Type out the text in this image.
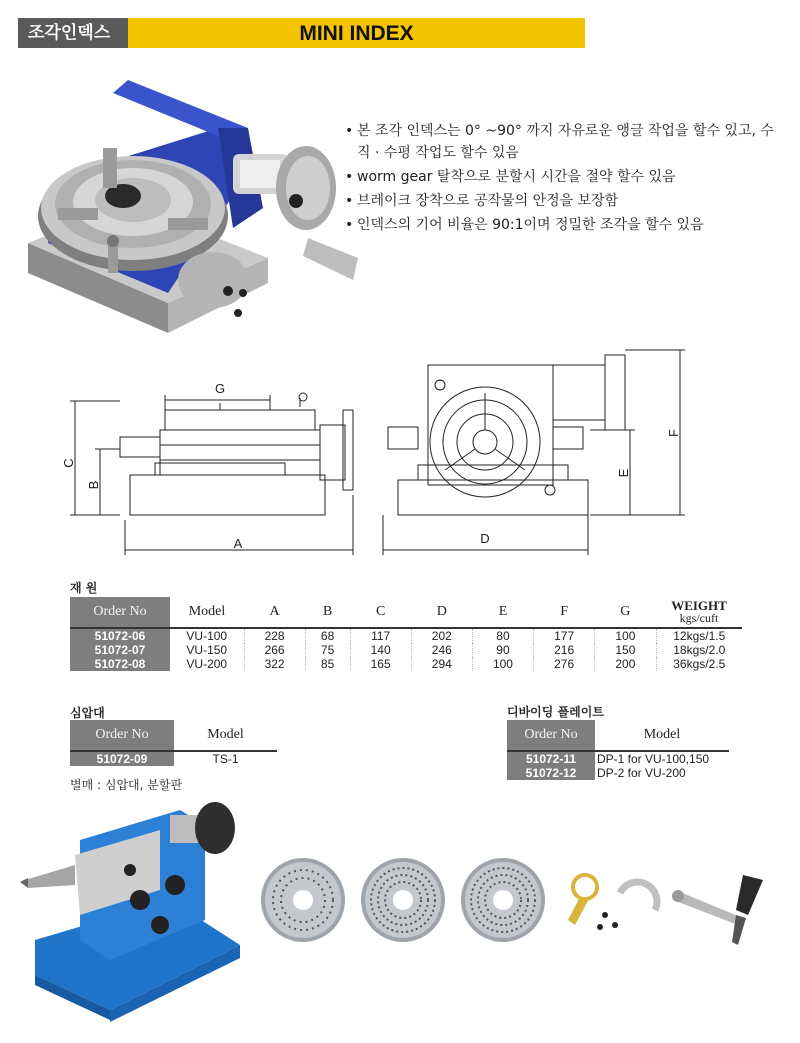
조각인덱스	MINI INDEX
• 본 조각 인덱스는 0° ~90° 까지 자유로운 앵글 작업을 할수 있고, 수직 · 수평 작업도 할수 있음
• worm gear 탈착으로 분할시 시간을 절약 할수 있음
• 브레이크 장착으로 공작물의 안정을 보장함
• 인덱스의 기어 비율은 90:1이며 정밀한 조각을 할수 있음
C
B
G
A	D
E
F
재 원
Order No	Model	A	B	C	D	E	F	G	WEIGHT
kgs/cuft

51072-06	VU-100	228	68	117	202	80	177	100	12kgs/1.5
51072-07	VU-150	266	75	140	246	90	216	150	18kgs/2.0
51072-08	VU-200	322	85	165	294	100	276	200	36kgs/2.5
심압대
Order No	Model
51072-09	TS-1
별매 : 심압대, 분할판
디바이딩 플레이트
Order No	Model
51072-11	DP-1 for VU-100,150
51072-12	DP-2 for VU-200
